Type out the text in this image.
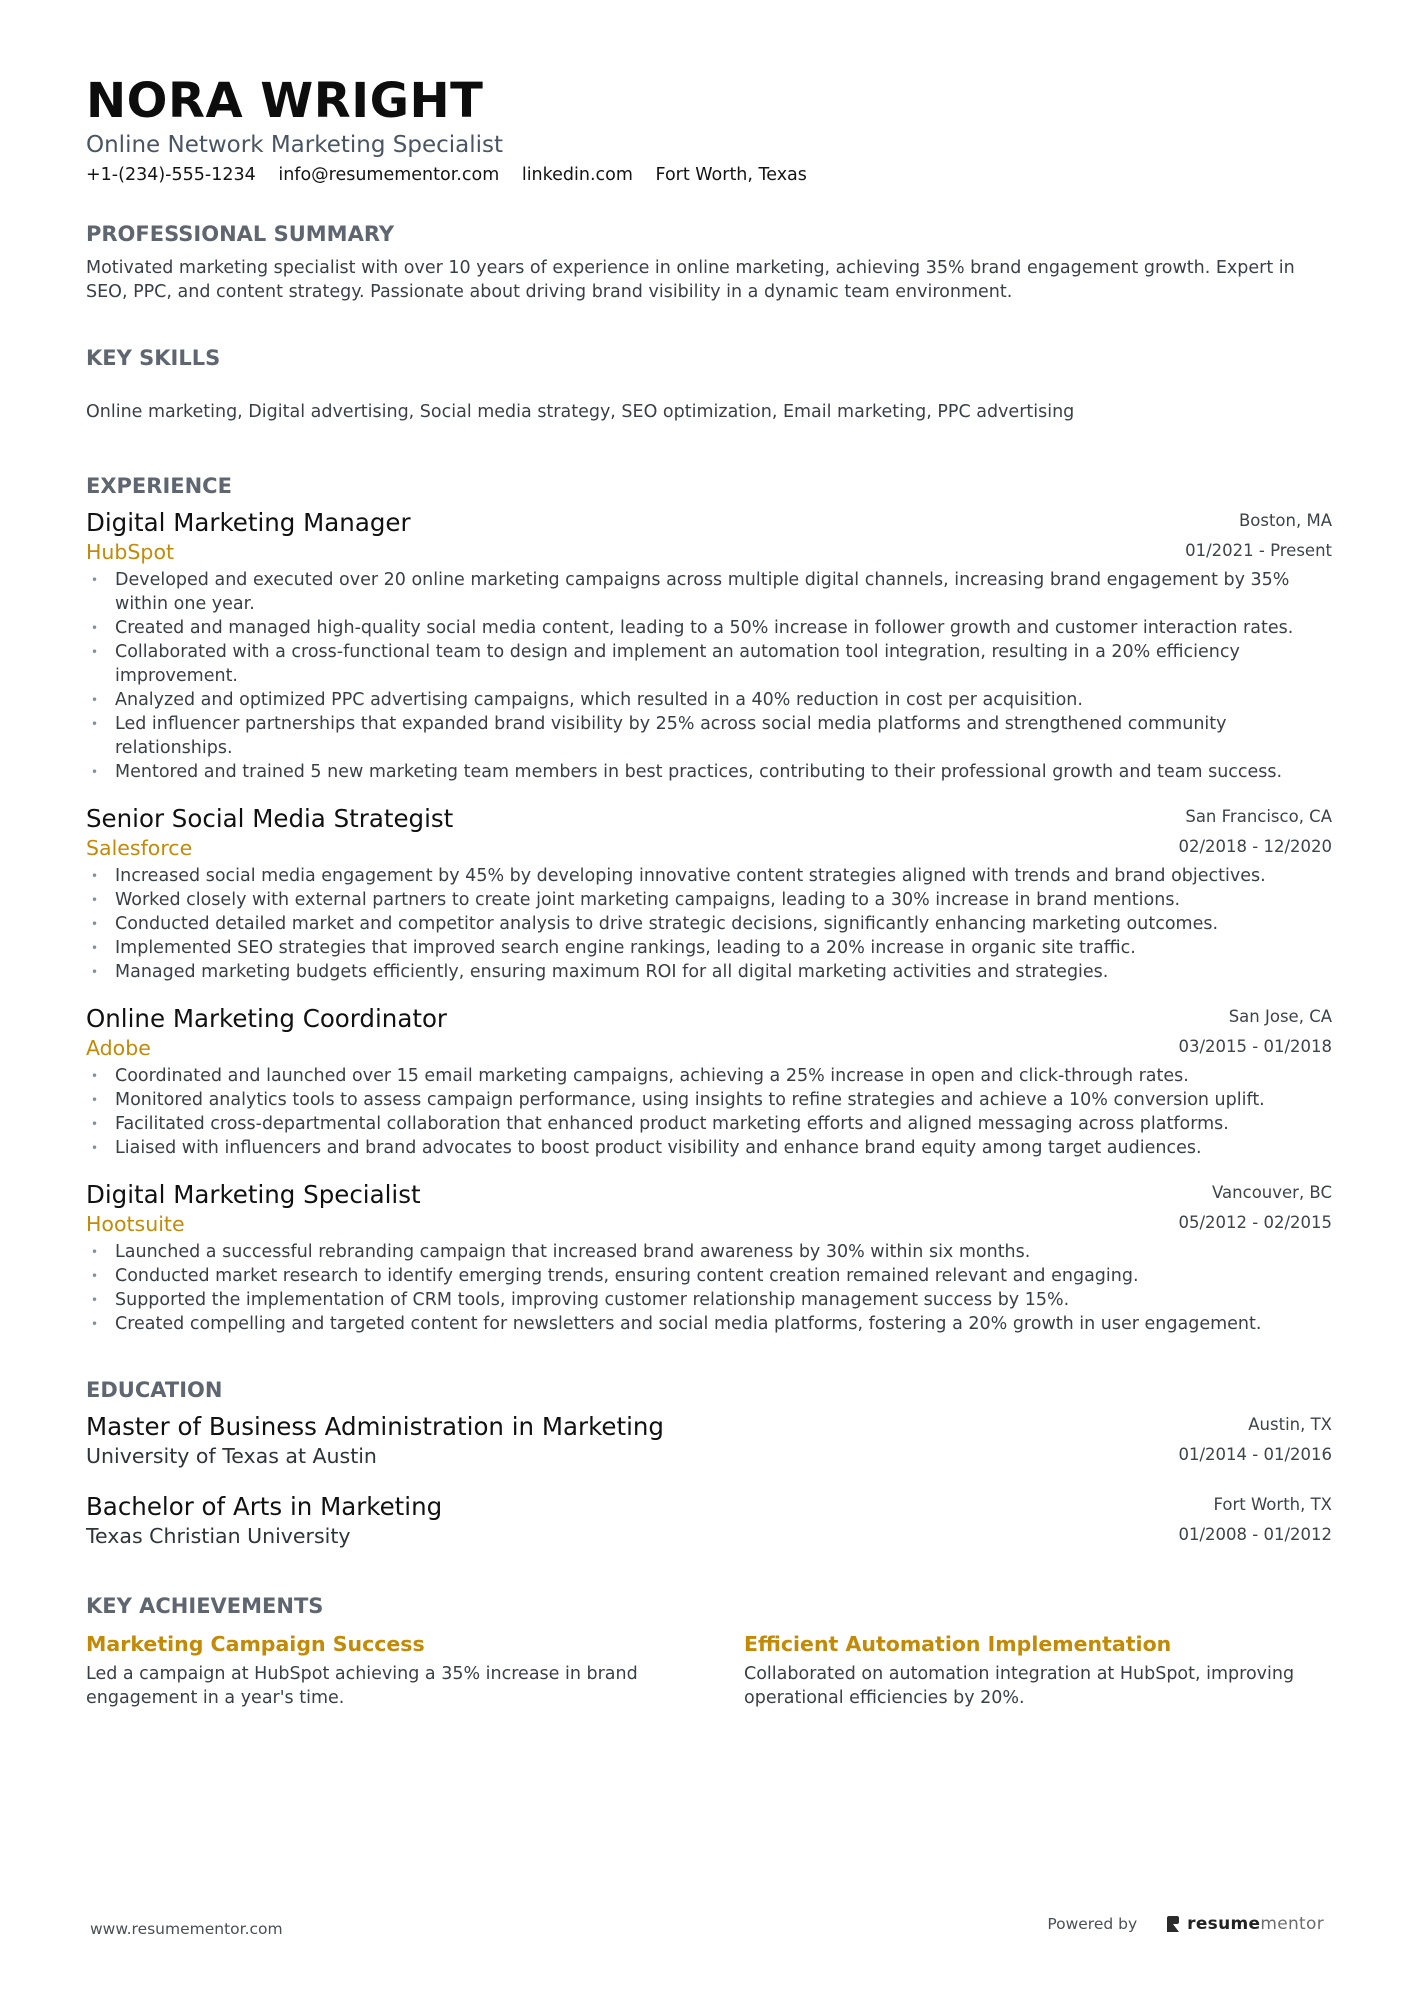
NORA WRIGHT
Online Network Marketing Specialist
+1-(234)-555-1234 info@resumementor.com linkedin.com Fort Worth, Texas
PROFESSIONAL SUMMARY
Motivated marketing specialist with over 10 years of experience in online marketing, achieving 35% brand engagement growth. Expert in SEO, PPC, and content strategy. Passionate about driving brand visibility in a dynamic team environment.
KEY SKILLS
Online marketing, Digital advertising, Social media strategy, SEO optimization, Email marketing, PPC advertising
EXPERIENCE
Digital Marketing Manager
HubSpot
Boston, MA
01/2021 - Present
• Developed and executed over 20 online marketing campaigns across multiple digital channels, increasing brand engagement by 35% within one year.
• Created and managed high-quality social media content, leading to a 50% increase in follower growth and customer interaction rates.
• Collaborated with a cross-functional team to design and implement an automation tool integration, resulting in a 20% efficiency improvement.
• Analyzed and optimized PPC advertising campaigns, which resulted in a 40% reduction in cost per acquisition.
• Led influencer partnerships that expanded brand visibility by 25% across social media platforms and strengthened community relationships.
• Mentored and trained 5 new marketing team members in best practices, contributing to their professional growth and team success.
Senior Social Media Strategist
Salesforce
San Francisco, CA
02/2018 - 12/2020
• Increased social media engagement by 45% by developing innovative content strategies aligned with trends and brand objectives.
• Worked closely with external partners to create joint marketing campaigns, leading to a 30% increase in brand mentions.
• Conducted detailed market and competitor analysis to drive strategic decisions, significantly enhancing marketing outcomes.
• Implemented SEO strategies that improved search engine rankings, leading to a 20% increase in organic site traffic.
• Managed marketing budgets efficiently, ensuring maximum ROI for all digital marketing activities and strategies.
Online Marketing Coordinator
Adobe
San Jose, CA
03/2015 - 01/2018
• Coordinated and launched over 15 email marketing campaigns, achieving a 25% increase in open and click-through rates.
• Monitored analytics tools to assess campaign performance, using insights to refine strategies and achieve a 10% conversion uplift.
• Facilitated cross-departmental collaboration that enhanced product marketing efforts and aligned messaging across platforms.
• Liaised with influencers and brand advocates to boost product visibility and enhance brand equity among target audiences.
Digital Marketing Specialist
Hootsuite
Vancouver, BC
05/2012 - 02/2015
• Launched a successful rebranding campaign that increased brand awareness by 30% within six months.
• Conducted market research to identify emerging trends, ensuring content creation remained relevant and engaging.
• Supported the implementation of CRM tools, improving customer relationship management success by 15%.
• Created compelling and targeted content for newsletters and social media platforms, fostering a 20% growth in user engagement.
EDUCATION
Master of Business Administration in Marketing
University of Texas at Austin
Austin, TX
01/2014 - 01/2016
Bachelor of Arts in Marketing
Texas Christian University
Fort Worth, TX
01/2008 - 01/2012
KEY ACHIEVEMENTS
Marketing Campaign Success
Led a campaign at HubSpot achieving a 35% increase in brand engagement in a year's time.
Efficient Automation Implementation
Collaborated on automation integration at HubSpot, improving operational efficiencies by 20%.
www.resumementor.com	Powered by	resume mentor
